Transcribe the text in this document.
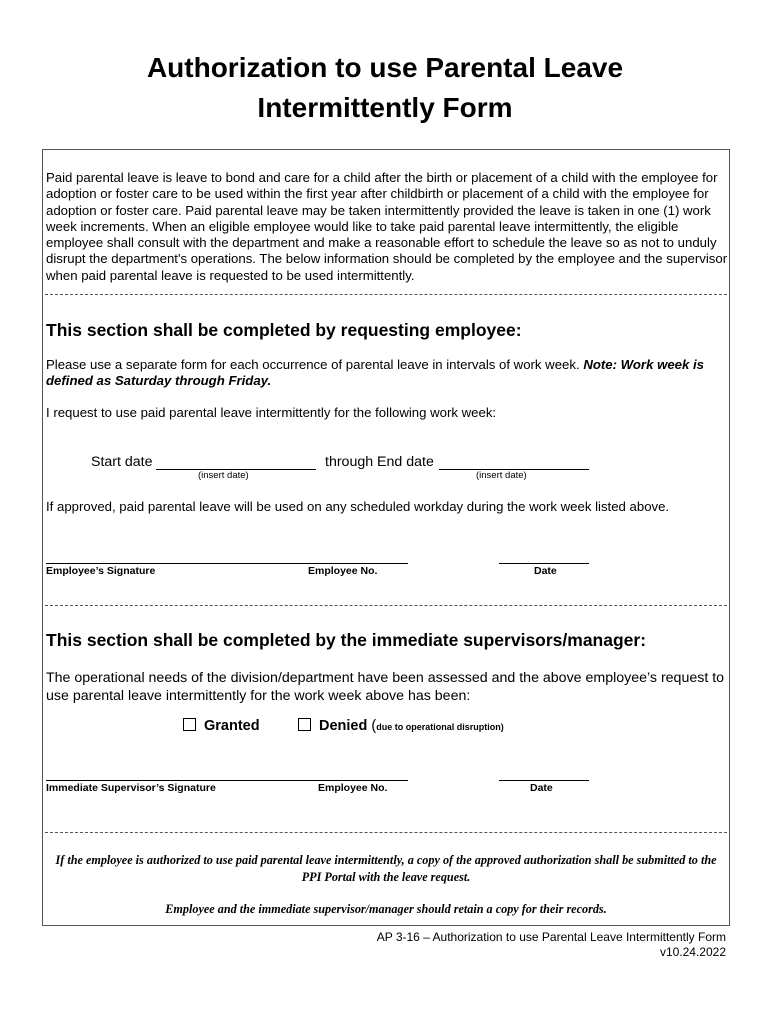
Authorization to use Parental Leave
Intermittently Form
Paid parental leave is leave to bond and care for a child after the birth or placement of a child with the employee for adoption or foster care to be used within the first year after childbirth or placement of a child with the employee for adoption or foster care. Paid parental leave may be taken intermittently provided the leave is taken in one (1) work week increments. When an eligible employee would like to take paid parental leave intermittently, the eligible employee shall consult with the department and make a reasonable effort to schedule the leave so as not to unduly disrupt the department's operations. The below information should be completed by the employee and the supervisor when paid parental leave is requested to be used intermittently.
This section shall be completed by requesting employee:
Please use a separate form for each occurrence of parental leave in intervals of work week. Note: Work week is defined as Saturday through Friday.
I request to use paid parental leave intermittently for the following work week:
Start date
(insert date)
through End date
(insert date)
If approved, paid parental leave will be used on any scheduled workday during the work week listed above.
Employee’s Signature	Employee No.	Date
This section shall be completed by the immediate supervisors/manager:
The operational needs of the division/department have been assessed and the above employee’s request to use parental leave intermittently for the work week above has been:
Granted	Denied (due to operational disruption)
Immediate Supervisor’s Signature	Employee No.	Date
If the employee is authorized to use paid parental leave intermittently, a copy of the approved authorization shall be submitted to the PPI Portal with the leave request.
Employee and the immediate supervisor/manager should retain a copy for their records.
AP 3-16 – Authorization to use Parental Leave Intermittently Form
v10.24.2022
